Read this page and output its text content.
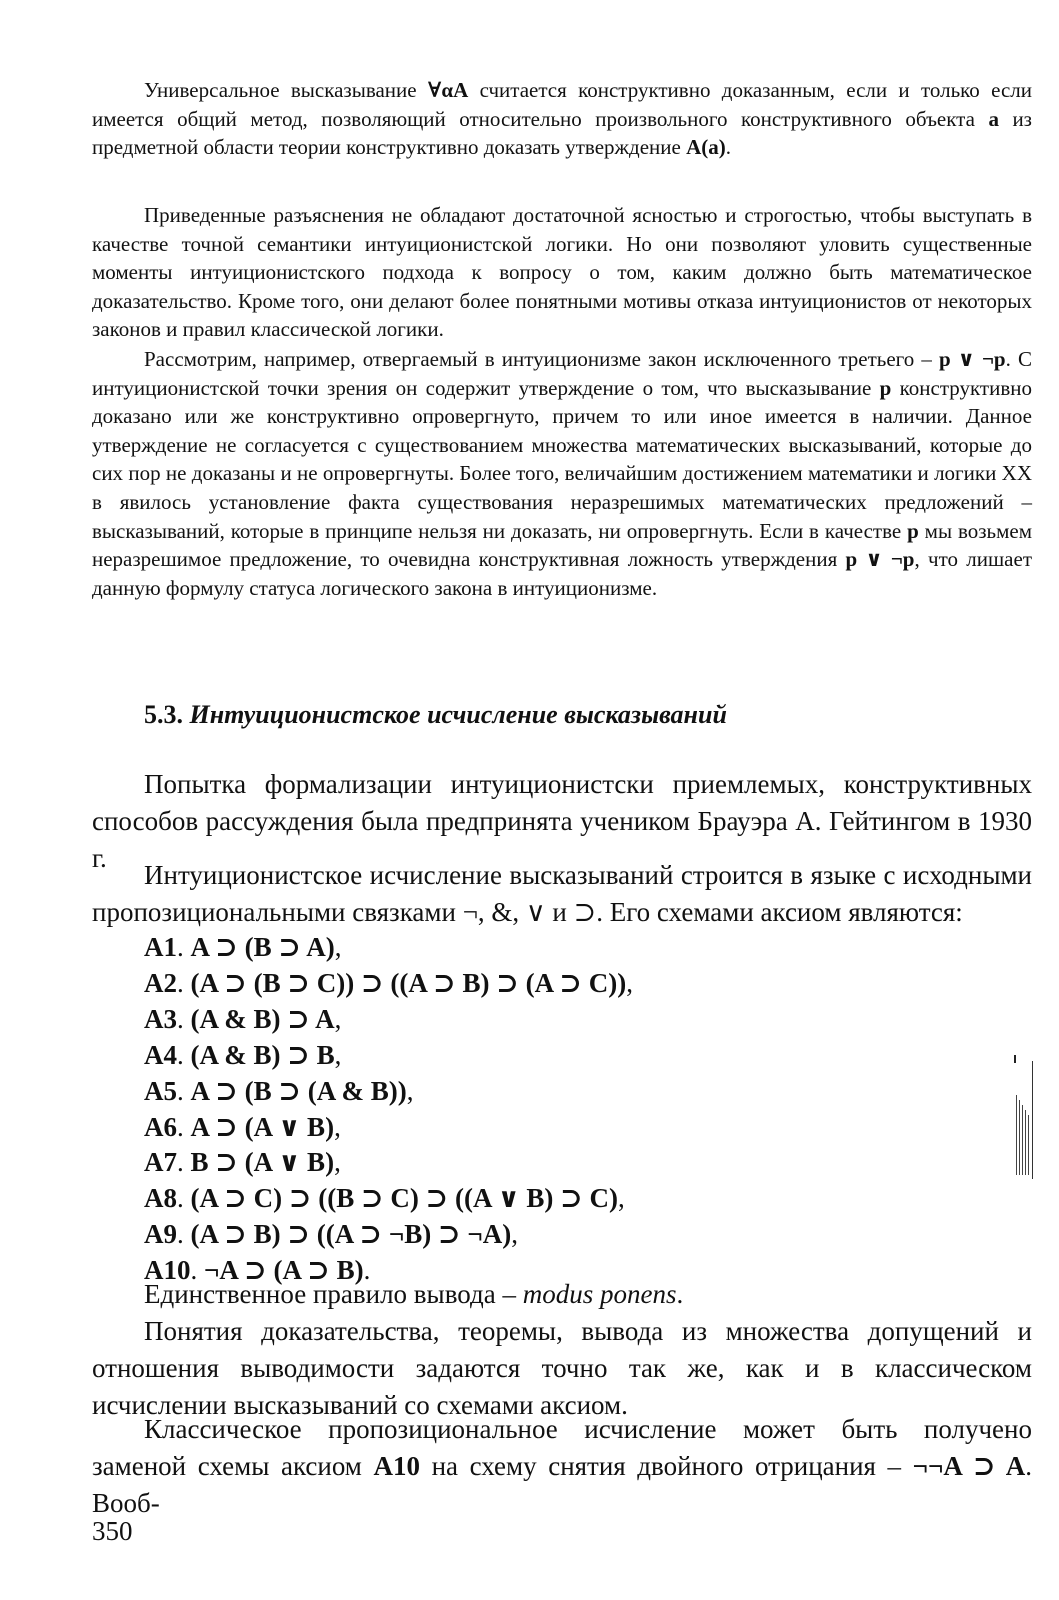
Универсальное высказывание ∀αA считается конструктивно доказанным, если и только если имеется общий метод, позволяющий относительно произвольного конструктивного объекта a из предметной области теории конструктивно доказать утверждение A(a).
Приведенные разъяснения не обладают достаточной ясностью и строгостью, чтобы выступать в качестве точной семантики интуиционистской логики. Но они позволяют уловить существенные моменты интуиционистского подхода к вопросу о том, каким должно быть математическое доказательство. Кроме того, они делают более понятными мотивы отказа интуиционистов от некоторых законов и правил классической логики.
Рассмотрим, например, отвергаемый в интуиционизме закон исключенного третьего – p ∨ ¬p. С интуиционистской точки зрения он содержит утверждение о том, что высказывание p конструктивно доказано или же конструктивно опровергнуто, причем то или иное имеется в наличии. Данное утверждение не согласуется с существованием множества математических высказываний, которые до сих пор не доказаны и не опровергнуты. Более того, величайшим достижением математики и логики XX в явилось установление факта существования неразрешимых математических предложений – высказываний, которые в принципе нельзя ни доказать, ни опровергнуть. Если в качестве p мы возьмем неразрешимое предложение, то очевидна конструктивная ложность утверждения p ∨ ¬p, что лишает данную формулу статуса логического закона в интуиционизме.
5.3. Интуиционистское исчисление высказываний
Попытка формализации интуиционистски приемлемых, конструктивных способов рассуждения была предпринята учеником Брауэра А. Гейтингом в 1930 г.
Интуиционистское исчисление высказываний строится в языке с исходными пропозициональными связками ¬, &, ∨ и ⊃. Его схемами аксиом являются:
A1. A ⊃ (B ⊃ A),
A2. (A ⊃ (B ⊃ C)) ⊃ ((A ⊃ B) ⊃ (A ⊃ C)),
A3. (A & B) ⊃ A,
A4. (A & B) ⊃ B,
A5. A ⊃ (B ⊃ (A & B)),
A6. A ⊃ (A ∨ B),
A7. B ⊃ (A ∨ B),
A8. (A ⊃ C) ⊃ ((B ⊃ C) ⊃ ((A ∨ B) ⊃ C),
A9. (A ⊃ B) ⊃ ((A ⊃ ¬B) ⊃ ¬A),
A10. ¬A ⊃ (A ⊃ B).
Единственное правило вывода – modus ponens.
Понятия доказательства, теоремы, вывода из множества допущений и отношения выводимости задаются точно так же, как и в классическом исчислении высказываний со схемами аксиом.
Классическое пропозициональное исчисление может быть получено заменой схемы аксиом A10 на схему снятия двойного отрицания – ¬¬A ⊃ A. Вооб-
350
